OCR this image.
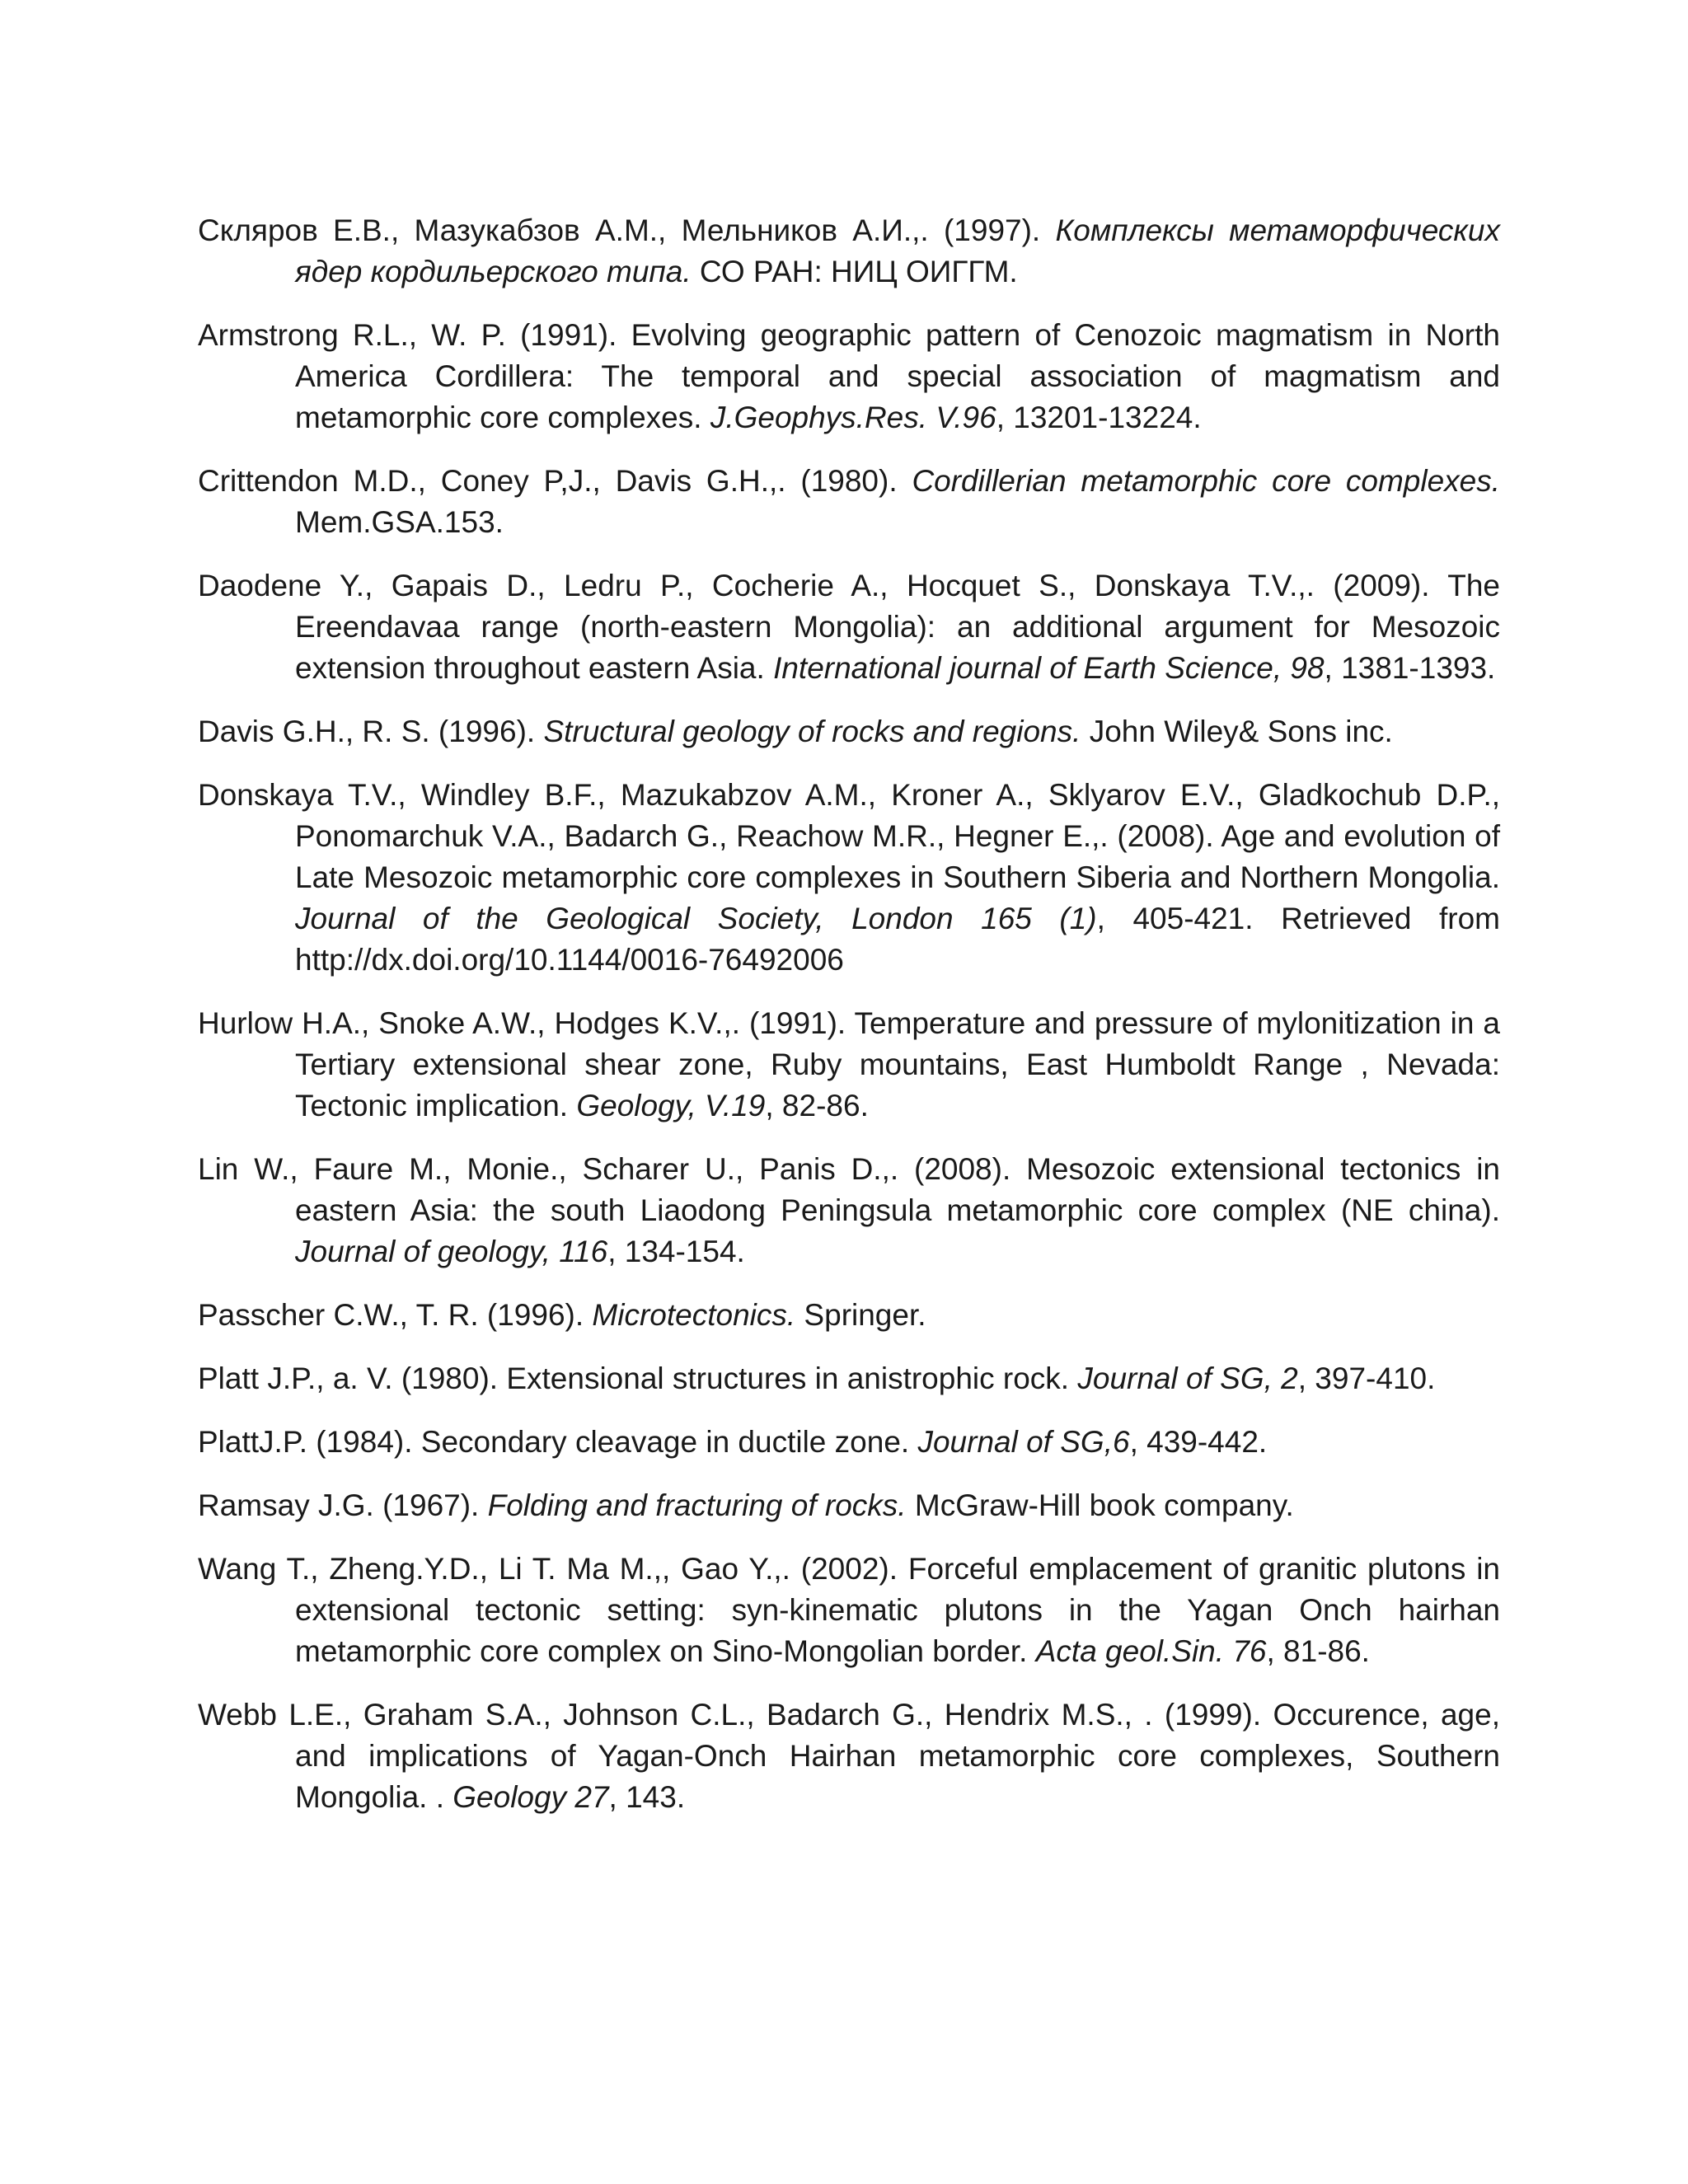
Скляров Е.В., Мазукабзов А.М., Мельников А.И.,. (1997). Комплексы метаморфических ядер кордильерского типа. СО РАН: НИЦ ОИГГМ.

Armstrong R.L., W. P. (1991). Evolving geographic pattern of Cenozoic magmatism in North America Cordillera: The temporal and special association of magmatism and metamorphic core complexes. J.Geophys.Res. V.96, 13201-13224.

Crittendon M.D., Coney P,J., Davis G.H.,. (1980). Cordillerian metamorphic core complexes. Mem.GSA.153.

Daodene Y., Gapais D., Ledru P., Cocherie A., Hocquet S., Donskaya T.V.,. (2009). The Ereendavaa range (north-eastern Mongolia): an additional argument for Mesozoic extension throughout eastern Asia. International journal of Earth Science, 98, 1381-1393.

Davis G.H., R. S. (1996). Structural geology of rocks and regions. John Wiley& Sons inc.

Donskaya T.V., Windley B.F., Mazukabzov A.M., Kroner A., Sklyarov E.V., Gladkochub D.P., Ponomarchuk V.A., Badarch G., Reachow M.R., Hegner E.,. (2008). Age and evolution of Late Mesozoic metamorphic core complexes in Southern Siberia and Northern Mongolia. Journal of the Geological Society, London 165 (1), 405-421. Retrieved from http://dx.doi.org/10.1144/0016-76492006

Hurlow H.A., Snoke A.W., Hodges K.V.,. (1991). Temperature and pressure of mylonitization in a Tertiary extensional shear zone, Ruby mountains, East Humboldt Range , Nevada: Tectonic implication. Geology, V.19, 82-86.

Lin W., Faure M., Monie., Scharer U., Panis D.,. (2008). Mesozoic extensional tectonics in eastern Asia: the south Liaodong Peningsula metamorphic core complex (NE china). Journal of geology, 116, 134-154.

Passcher C.W., T. R. (1996). Microtectonics. Springer.

Platt J.P., a. V. (1980). Extensional structures in anistrophic rock. Journal of SG, 2, 397-410.

PlattJ.P. (1984). Secondary cleavage in ductile zone. Journal of SG,6, 439-442.

Ramsay J.G. (1967). Folding and fracturing of rocks. McGraw-Hill book company.

Wang T., Zheng.Y.D., Li T. Ma M.,, Gao Y.,. (2002). Forceful emplacement of granitic plutons in extensional tectonic setting: syn-kinematic plutons in the Yagan Onch hairhan metamorphic core complex on Sino-Mongolian border. Acta geol.Sin. 76, 81-86.

Webb L.E., Graham S.A., Johnson C.L., Badarch G., Hendrix M.S., . (1999). Occurence, age, and implications of Yagan-Onch Hairhan metamorphic core complexes, Southern Mongolia. . Geology 27, 143.
